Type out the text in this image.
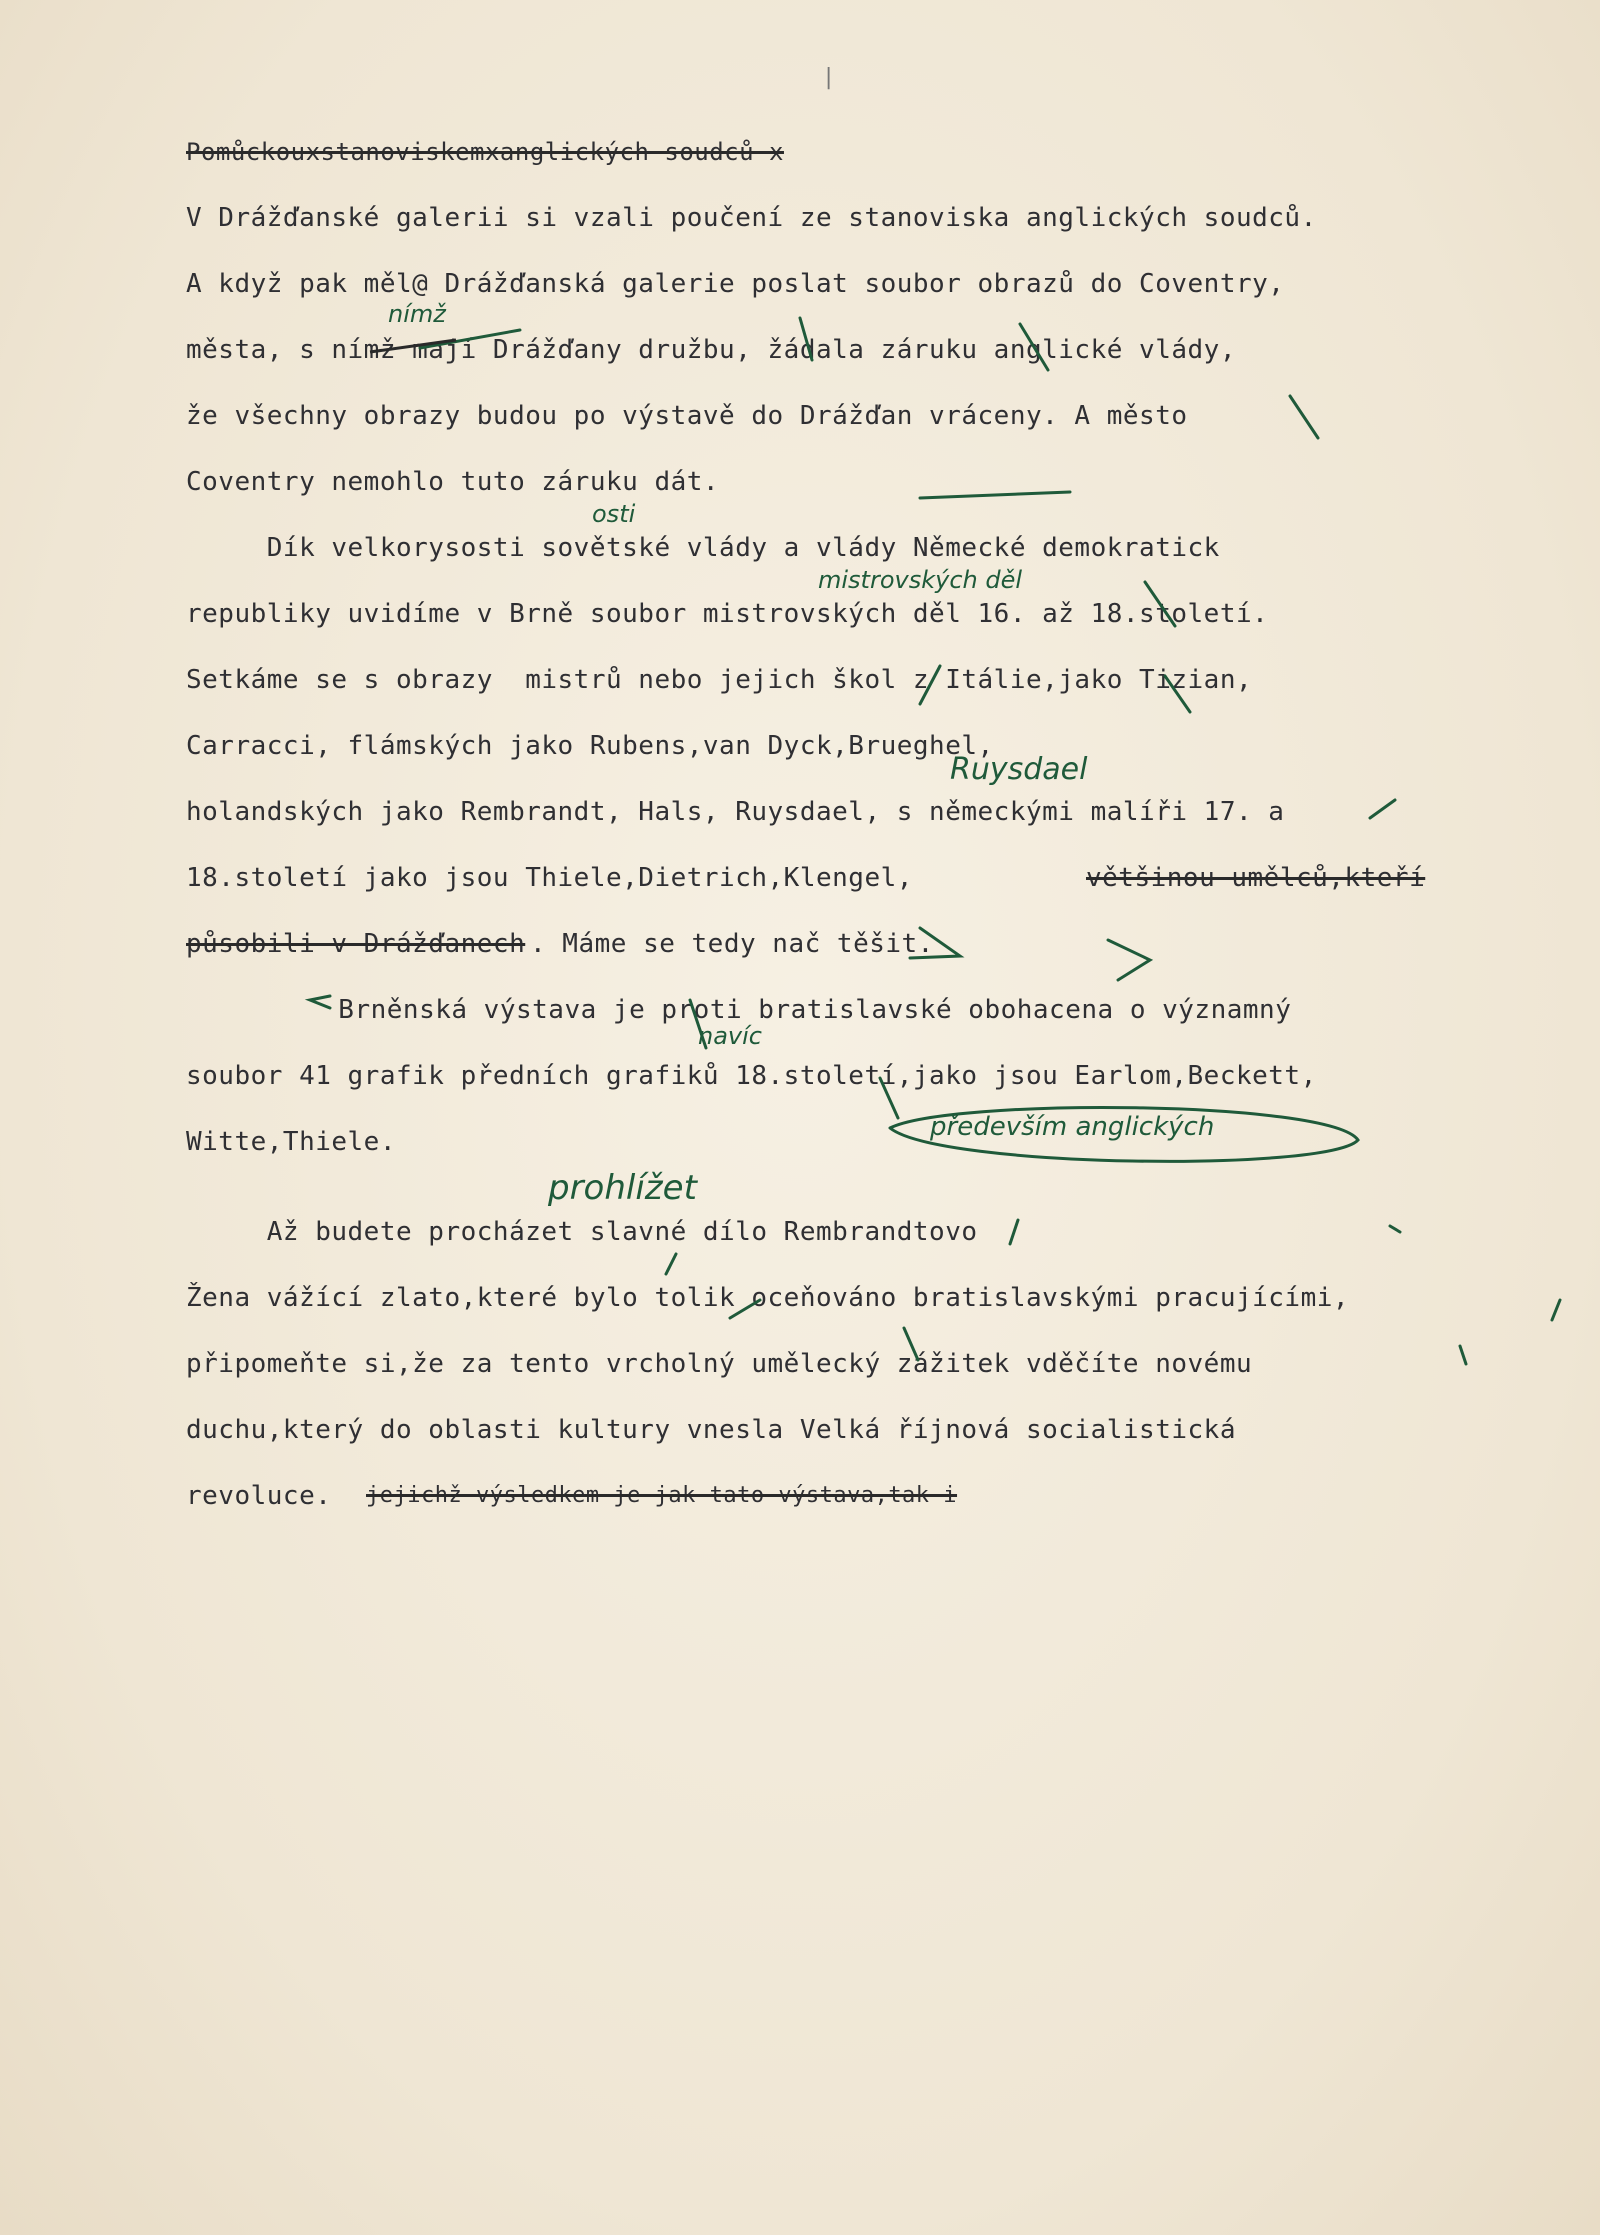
|
Pomůckouxstanoviskemxanglických soudců x
V Drážďanské galerii si vzali poučení ze stanoviska anglických soudců.
A když pak měl@ Drážďanská galerie poslat soubor obrazů do Coventry,
města, s nímž mají Drážďany družbu, žádala záruku anglické vlády,
že všechny obrazy budou po výstavě do Drážďan vráceny. A město
Coventry nemohlo tuto záruku dát.
Dík velkorysosti sovětské vlády a vlády Německé demokratick
republiky uvidíme v Brně soubor mistrovských děl 16. až 18.století.
Setkáme se s obrazy  mistrů nebo jejich škol z Itálie,jako Tizian,
Carracci, flámských jako Rubens,van Dyck,Brueghel,
holandských jako Rembrandt, Hals, Ruysdael, s německými malíři 17. a
18.století jako jsou Thiele,Dietrich,Klengel,	většinou umělců,kteří
působili v Drážďanech . Máme se tedy nač těšit.
Brněnská výstava je proti bratislavské obohacena o významný
soubor 41 grafik předních grafiků 18.století,jako jsou Earlom,Beckett,
Witte,Thiele.
Až budete procházet slavné dílo Rembrandtovo
Žena vážící zlato,které bylo tolik oceňováno bratislavskými pracujícími,
připomeňte si,že za tento vrcholný umělecký zážitek vděčíte novému
duchu,který do oblasti kultury vnesla Velká říjnová socialistická
revoluce. jejichž výsledkem je jak tato výstava,tak i
nímž
osti
mistrovských děl
Ruysdael
navíc
prohlížet
především anglických
